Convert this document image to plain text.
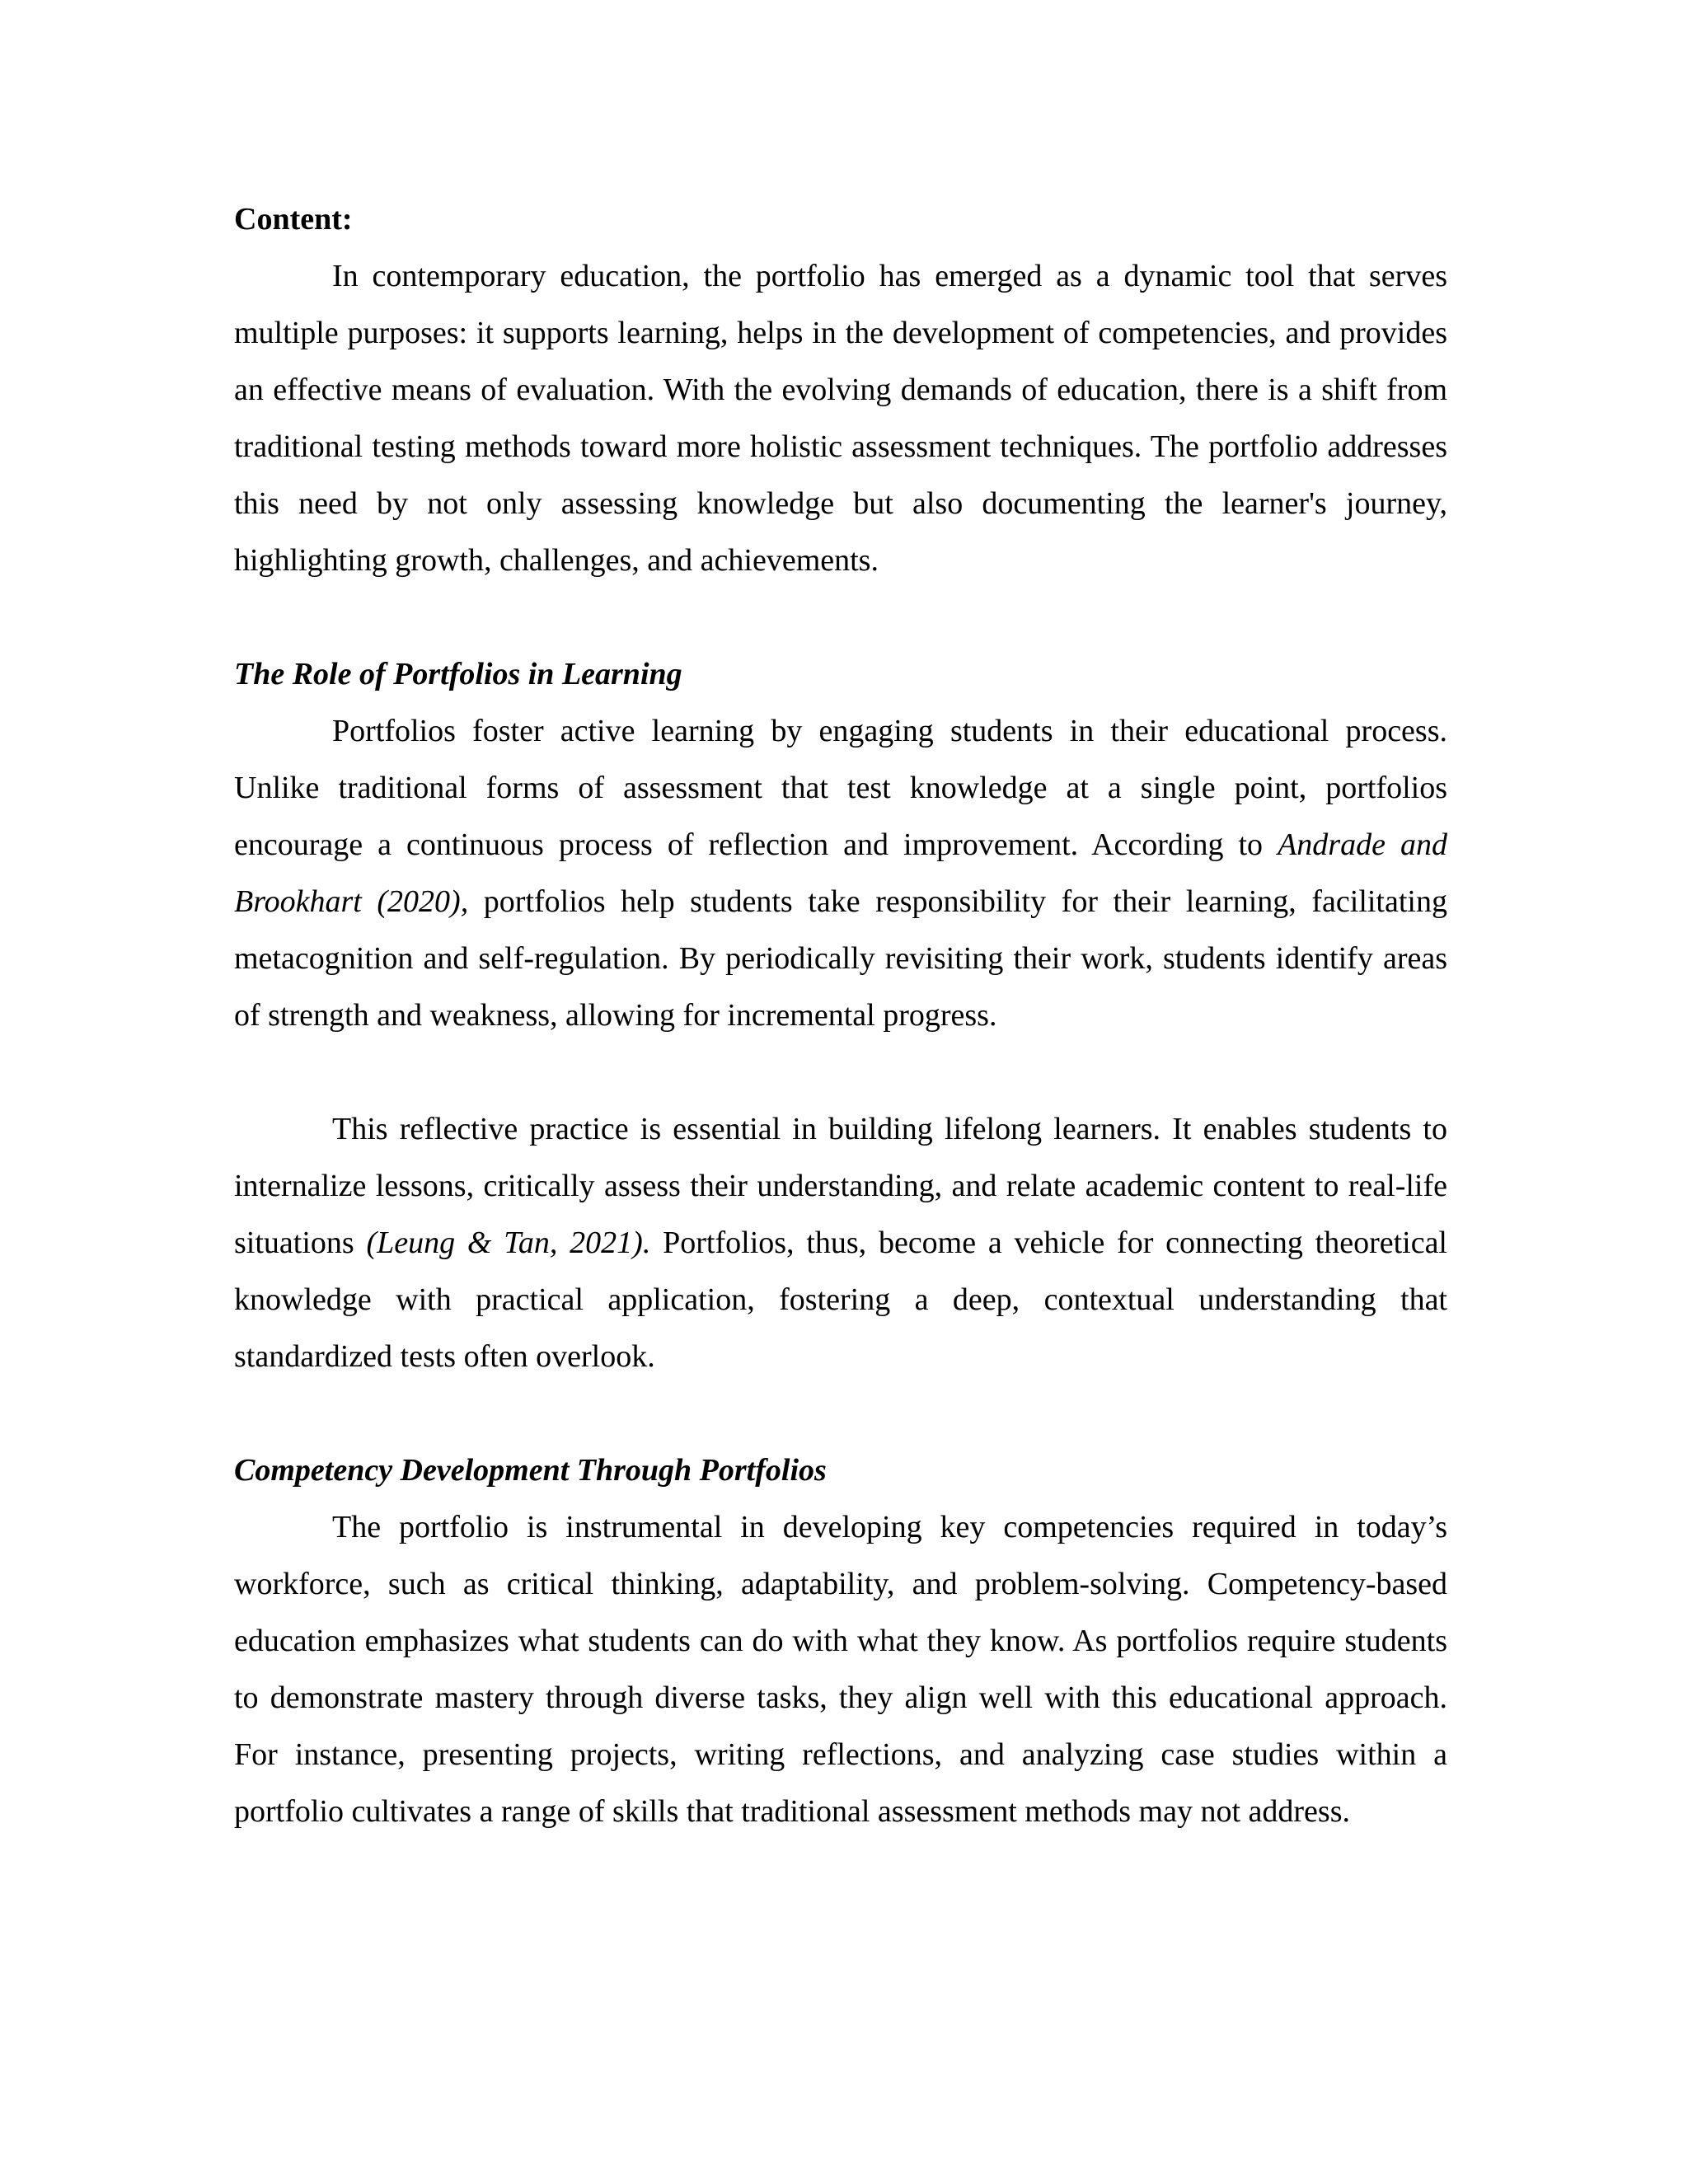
Content:

In contemporary education, the portfolio has emerged as a dynamic tool that serves multiple purposes: it supports learning, helps in the development of competencies, and provides an effective means of evaluation. With the evolving demands of education, there is a shift from traditional testing methods toward more holistic assessment techniques. The portfolio addresses this need by not only assessing knowledge but also documenting the learner's journey, highlighting growth, challenges, and achievements.

The Role of Portfolios in Learning

Portfolios foster active learning by engaging students in their educational process. Unlike traditional forms of assessment that test knowledge at a single point, portfolios encourage a continuous process of reflection and improvement. According to Andrade and Brookhart (2020), portfolios help students take responsibility for their learning, facilitating metacognition and self-regulation. By periodically revisiting their work, students identify areas of strength and weakness, allowing for incremental progress.

This reflective practice is essential in building lifelong learners. It enables students to internalize lessons, critically assess their understanding, and relate academic content to real-life situations (Leung & Tan, 2021). Portfolios, thus, become a vehicle for connecting theoretical knowledge with practical application, fostering a deep, contextual understanding that standardized tests often overlook.

Competency Development Through Portfolios

The portfolio is instrumental in developing key competencies required in today’s workforce, such as critical thinking, adaptability, and problem-solving. Competency-based education emphasizes what students can do with what they know. As portfolios require students to demonstrate mastery through diverse tasks, they align well with this educational approach. For instance, presenting projects, writing reflections, and analyzing case studies within a portfolio cultivates a range of skills that traditional assessment methods may not address.
